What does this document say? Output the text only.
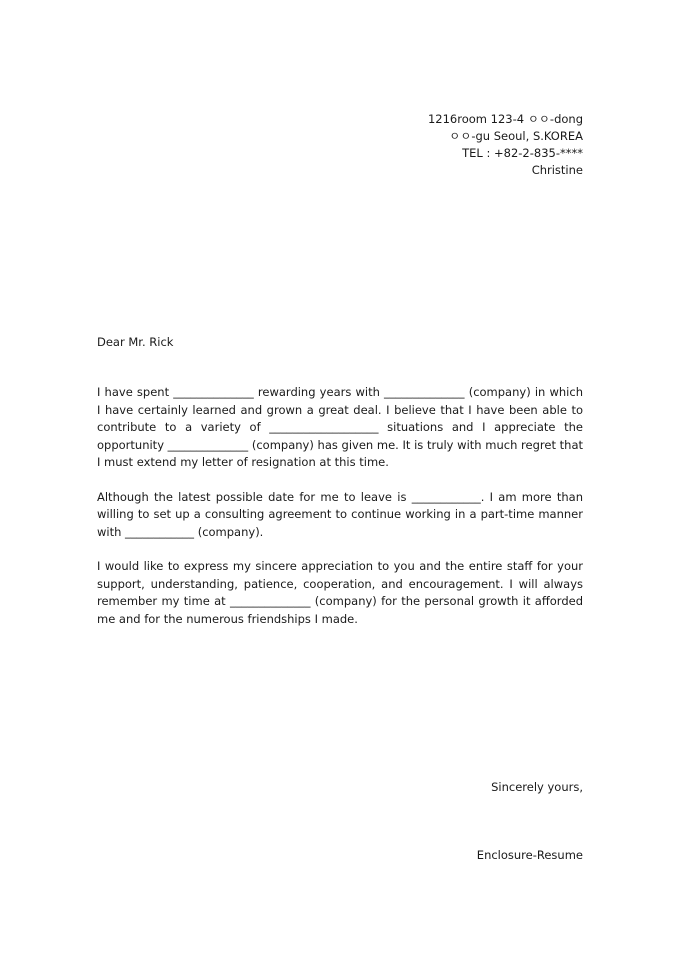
1216room 123-4 ㅇㅇ-dong
ㅇㅇ-gu Seoul, S.KOREA
TEL : +82-2-835-****
Christine
Dear Mr. Rick

I have spent ______________ rewarding years with ______________ (company) in which I have certainly learned and grown a great deal. I believe that I have been able to contribute to a variety of ___________________ situations and I appreciate the opportunity ______________ (company) has given me. It is truly with much regret that I must extend my letter of resignation at this time.

Although the latest possible date for me to leave is ____________. I am more than willing to set up a consulting agreement to continue working in a part-time manner with ____________ (company).

I would like to express my sincere appreciation to you and the entire staff for your support, understanding, patience, cooperation, and encouragement. I will always remember my time at ______________ (company) for the personal growth it afforded me and for the numerous friendships I made.

Sincerely yours,
Enclosure-Resume
